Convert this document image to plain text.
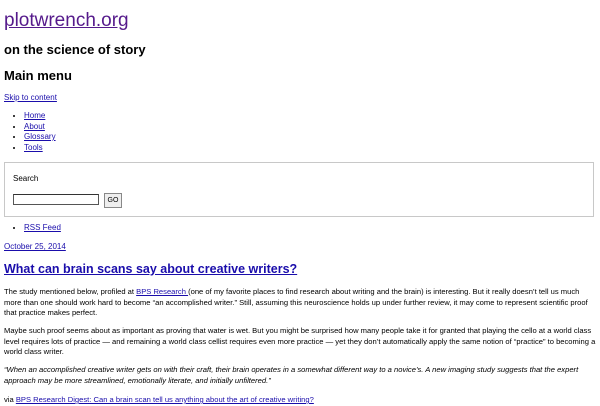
plotwrench.org
on the science of story
Main menu
Skip to content
• Home
• About
• Glossary
• Tools
Search
GO
• RSS Feed
October 25, 2014
What can brain scans say about creative writers?

The study mentioned below, profiled at BPS Research (one of my favorite places to find research about writing and the brain) is interesting. But it really doesn’t tell us much more than one should work hard to become “an accomplished writer.” Still, assuming this neuroscience holds up under further review, it may come to represent scientific proof that practice makes perfect.

Maybe such proof seems about as important as proving that water is wet. But you might be surprised how many people take it for granted that playing the cello at a world class level requires lots of practice — and remaining a world class cellist requires even more practice — yet they don’t automatically apply the same notion of “practice” to becoming a world class writer.

“When an accomplished creative writer gets on with their craft, their brain operates in a somewhat different way to a novice’s. A new imaging study suggests that the expert approach may be more streamlined, emotionally literate, and initially unfiltered.”

via BPS Research Digest: Can a brain scan tell us anything about the art of creative writing?
